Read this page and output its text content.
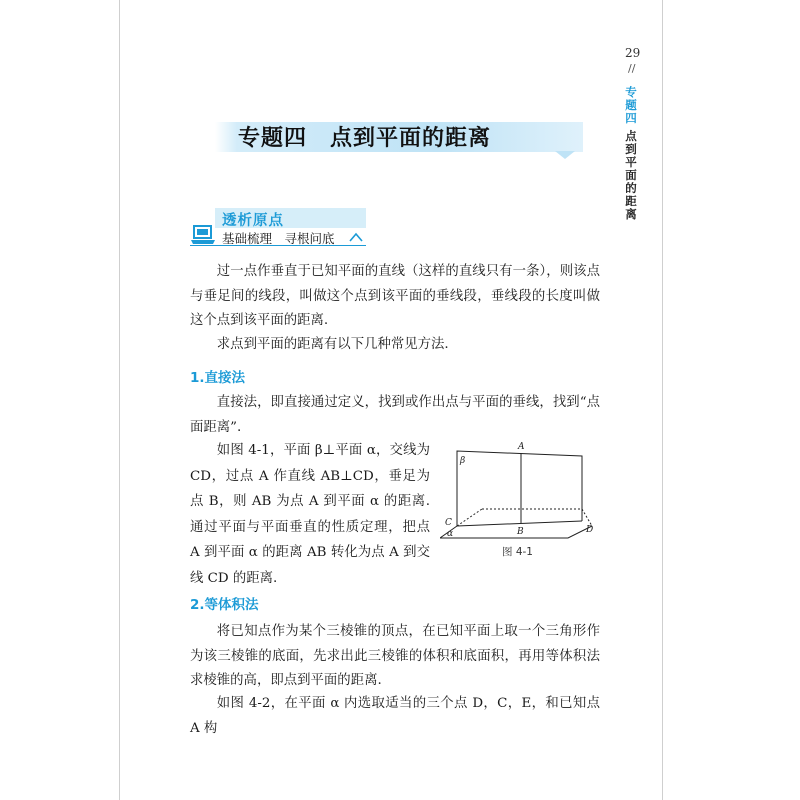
29
//
专题四
点到平面的距离
专题四　点到平面的距离
透析原点
基础梳理　寻根问底
过一点作垂直于已知平面的直线（这样的直线只有一条），则该点与垂足间的线段，叫做这个点到该平面的垂线段，垂线段的长度叫做这个点到该平面的距离.
求点到平面的距离有以下几种常见方法.
1.直接法
直接法，即直接通过定义，找到或作出点与平面的垂线，找到“点面距离”.
如图 4-1，平面 β⊥平面 α，交线为 CD，过点 A 作直线 AB⊥CD，垂足为点 B，则 AB 为点 A 到平面 α 的距离. 通过平面与平面垂直的性质定理，把点 A 到平面 α 的距离 AB 转化为点 A 到交线 CD 的距离.
2.等体积法
将已知点作为某个三棱锥的顶点，在已知平面上取一个三角形作为该三棱锥的底面，先求出此三棱锥的体积和底面积，再用等体积法求棱锥的高，即点到平面的距离.
如图 4-2，在平面 α 内选取适当的三个点 D，C，E，和已知点 A 构
A
B
C
D
β
α
图 4-1
